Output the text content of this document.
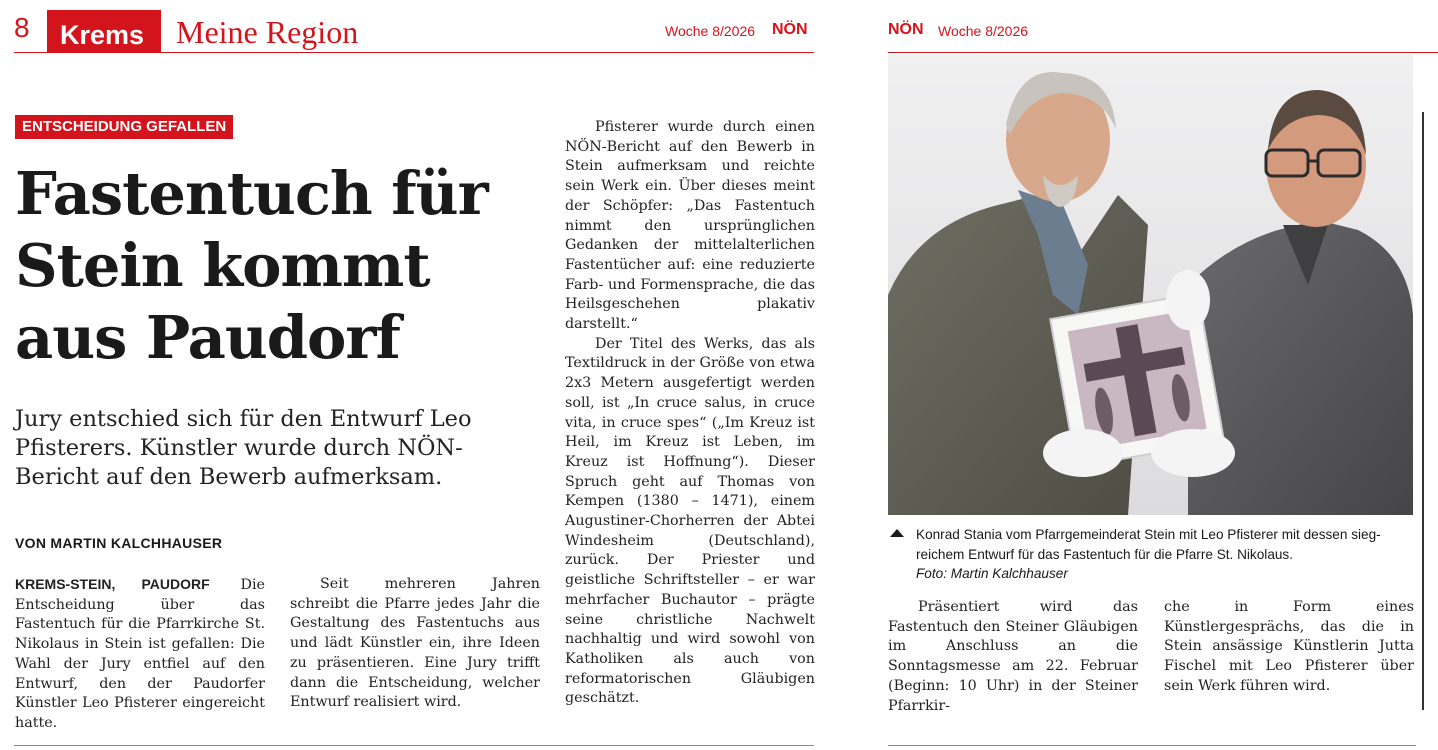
8	Krems Meine Region	Woche 8/2026 NÖN
ENTSCHEIDUNG GEFALLEN
Fastentuch für Stein kommt aus Paudorf

Jury entschied sich für den Entwurf Leo Pfisterers. Künstler wurde durch NÖN-Bericht auf den Bewerb aufmerksam.

VON MARTIN KALCHHAUSER
KREMS-STEIN, PAUDORF Die Entscheidung über das Fastentuch für die Pfarrkirche St. Nikolaus in Stein ist gefallen: Die Wahl der Jury entfiel auf den Entwurf, den der Paudorfer Künstler Leo Pfisterer eingereicht hatte.
Seit mehreren Jahren schreibt die Pfarre jedes Jahr die Gestaltung des Fastentuchs aus und lädt Künstler ein, ihre Ideen zu präsentieren. Eine Jury trifft dann die Entscheidung, welcher Entwurf realisiert wird.
Pfisterer wurde durch einen NÖN-Bericht auf den Bewerb in Stein aufmerksam und reichte sein Werk ein. Über dieses meint der Schöpfer: „Das Fastentuch nimmt den ursprünglichen Gedanken der mittelalterlichen Fastentücher auf: eine reduzierte Farb- und Formensprache, die das Heilsgeschehen plakativ darstellt.“
Der Titel des Werks, das als Textildruck in der Größe von etwa 2x3 Metern ausgefertigt werden soll, ist „In cruce salus, in cruce vita, in cruce spes“ („Im Kreuz ist Heil, im Kreuz ist Leben, im Kreuz ist Hoffnung“). Dieser Spruch geht auf Thomas von Kempen (1380 – 1471), einem Augustiner-Chorherren der Abtei Windesheim (Deutschland), zurück. Der Priester und geistliche Schriftsteller – er war mehrfacher Buchautor – prägte seine christliche Nachwelt nachhaltig und wird sowohl von Katholiken als auch von reformatorischen Gläubigen geschätzt.
NÖN Woche 8/2026
Konrad Stania vom Pfarrgemeinderat Stein mit Leo Pfisterer mit dessen sieg-
reichem Entwurf für das Fastentuch für die Pfarre St. Nikolaus.
Foto: Martin Kalchhauser
Präsentiert wird das Fastentuch den Steiner Gläubigen im Anschluss an die Sonntagsmesse am 22. Februar (Beginn: 10 Uhr) in der Steiner Pfarrkir-
che in Form eines Künstlergesprächs, das die in Stein ansässige Künstlerin Jutta Fischel mit Leo Pfisterer über sein Werk führen wird.
